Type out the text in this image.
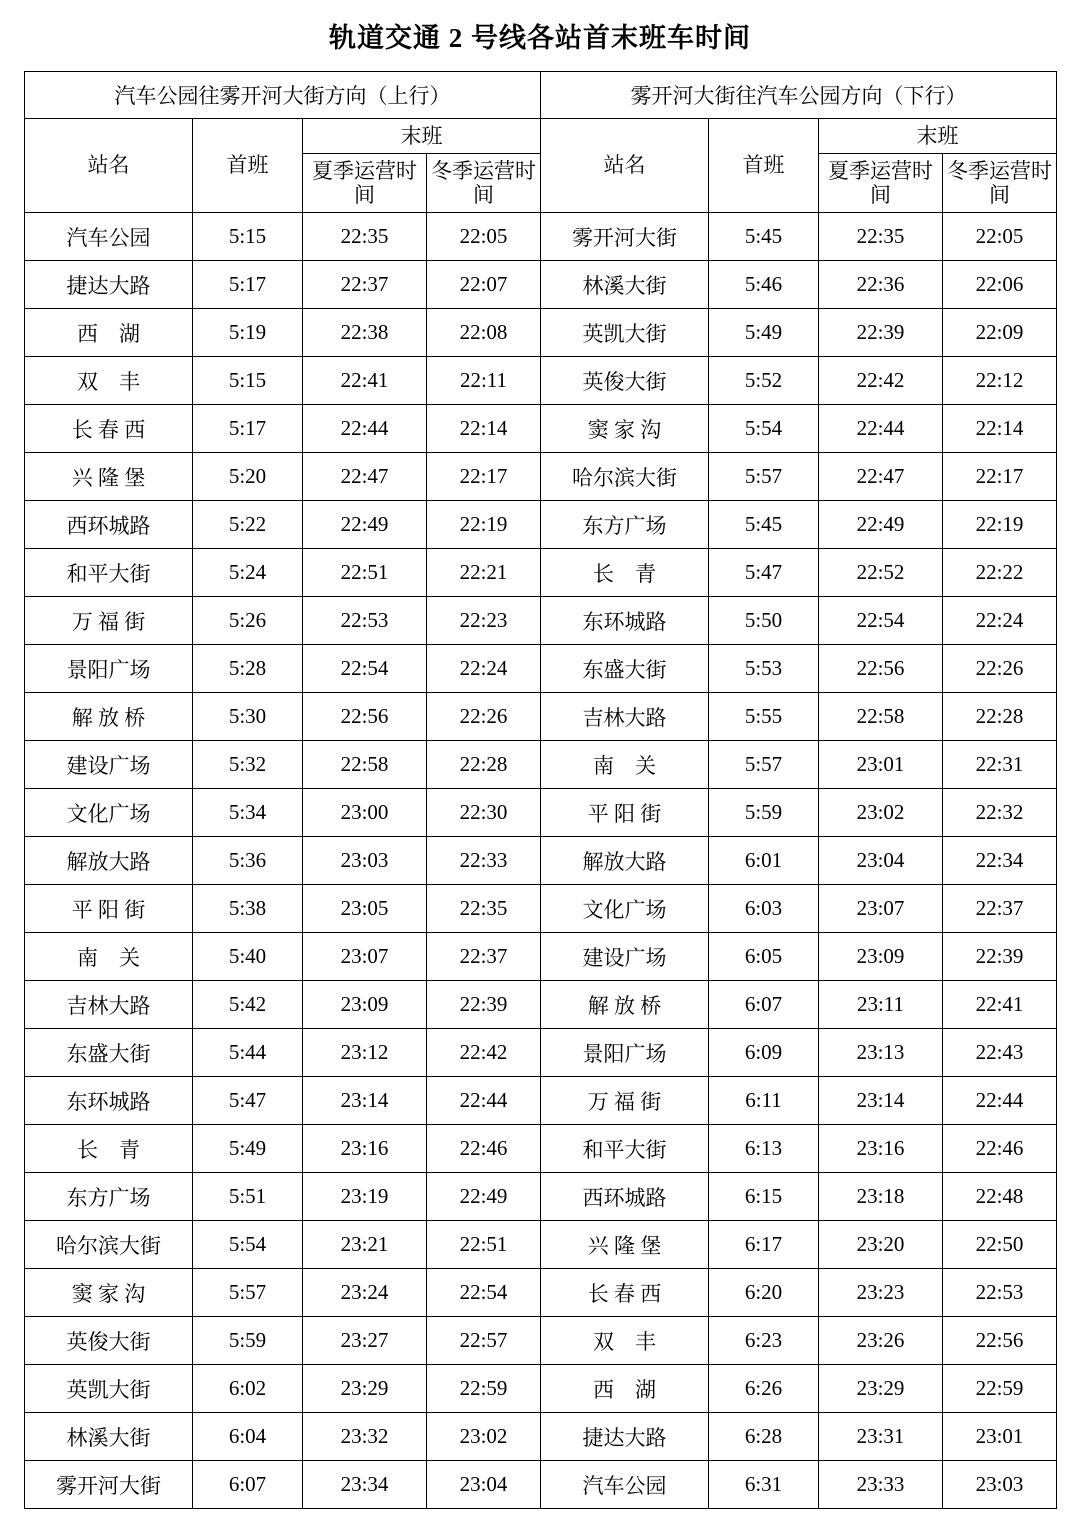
轨道交通 2 号线各站首末班车时间
汽车公园往雾开河大街方向（上行）				雾开河大街往汽车公园方向（下行）			
站名	首班	末班		站名	首班	末班	
		夏季运营时间	冬季运营时间			夏季运营时间	冬季运营时间
汽车公园	5:15	22:35	22:05	雾开河大街	5:45	22:35	22:05
捷达大路	5:17	22:37	22:07	林溪大街	5:46	22:36	22:06
西　湖	5:19	22:38	22:08	英凯大街	5:49	22:39	22:09
双　丰	5:15	22:41	22:11	英俊大街	5:52	22:42	22:12
长 春 西	5:17	22:44	22:14	窦 家 沟	5:54	22:44	22:14
兴 隆 堡	5:20	22:47	22:17	哈尔滨大街	5:57	22:47	22:17
西环城路	5:22	22:49	22:19	东方广场	5:45	22:49	22:19
和平大街	5:24	22:51	22:21	长　青	5:47	22:52	22:22
万 福 街	5:26	22:53	22:23	东环城路	5:50	22:54	22:24
景阳广场	5:28	22:54	22:24	东盛大街	5:53	22:56	22:26
解 放 桥	5:30	22:56	22:26	吉林大路	5:55	22:58	22:28
建设广场	5:32	22:58	22:28	南　关	5:57	23:01	22:31
文化广场	5:34	23:00	22:30	平 阳 街	5:59	23:02	22:32
解放大路	5:36	23:03	22:33	解放大路	6:01	23:04	22:34
平 阳 街	5:38	23:05	22:35	文化广场	6:03	23:07	22:37
南　关	5:40	23:07	22:37	建设广场	6:05	23:09	22:39
吉林大路	5:42	23:09	22:39	解 放 桥	6:07	23:11	22:41
东盛大街	5:44	23:12	22:42	景阳广场	6:09	23:13	22:43
东环城路	5:47	23:14	22:44	万 福 街	6:11	23:14	22:44
长　青	5:49	23:16	22:46	和平大街	6:13	23:16	22:46
东方广场	5:51	23:19	22:49	西环城路	6:15	23:18	22:48
哈尔滨大街	5:54	23:21	22:51	兴 隆 堡	6:17	23:20	22:50
窦 家 沟	5:57	23:24	22:54	长 春 西	6:20	23:23	22:53
英俊大街	5:59	23:27	22:57	双　丰	6:23	23:26	22:56
英凯大街	6:02	23:29	22:59	西　湖	6:26	23:29	22:59
林溪大街	6:04	23:32	23:02	捷达大路	6:28	23:31	23:01
雾开河大街	6:07	23:34	23:04	汽车公园	6:31	23:33	23:03
